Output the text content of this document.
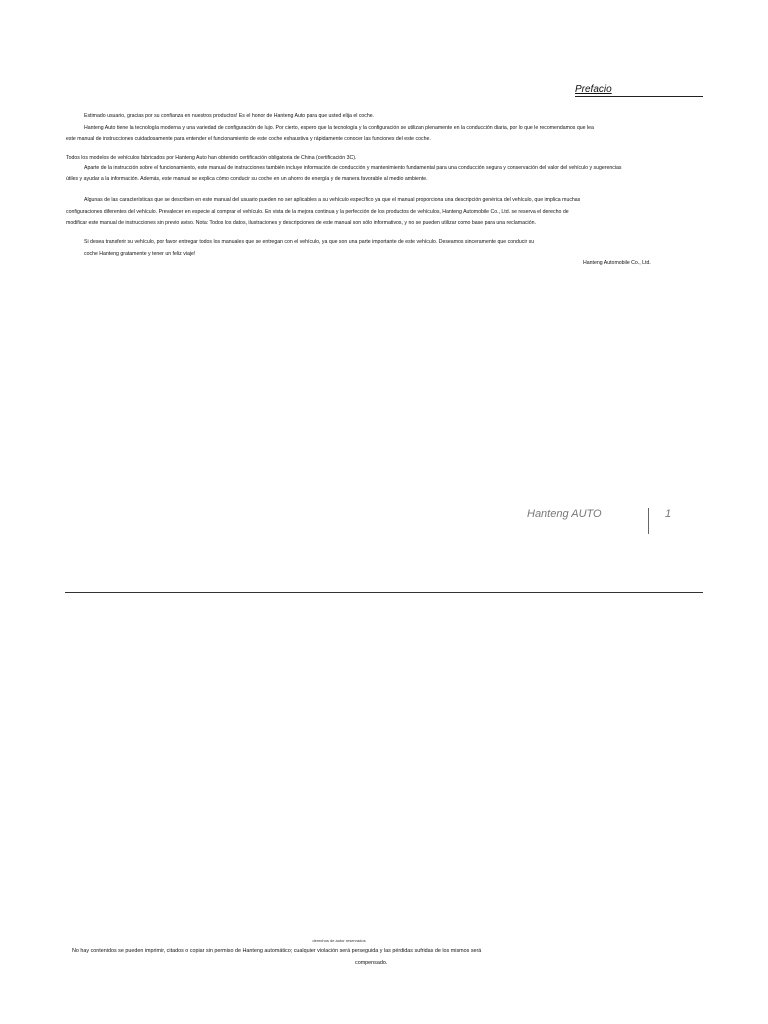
Prefacio

Estimado usuario, gracias por su confianza en nuestros productos! Es el honor de Hanteng Auto para que usted elija el coche.

Hanteng Auto tiene la tecnología moderna y una variedad de configuración de lujo. Por cierto, espero que la tecnología y la configuración se utilizan plenamente en la conducción diaria, por lo que le recomendamos que lea

este manual de instrucciones cuidadosamente para entender el funcionamiento de este coche exhaustiva y rápidamente conocer las funciones del este coche.

Todos los modelos de vehículos fabricados por Hanteng Auto han obtenido certificación obligatoria de China (certificación 3C).

Aparte de la instrucción sobre el funcionamiento, este manual de instrucciones también incluye información de conducción y mantenimiento fundamental para una conducción segura y conservación del valor del vehículo y sugerencias

útiles y ayudar a la información. Además, este manual se explica cómo conducir su coche en un ahorro de energía y de manera favorable al medio ambiente.

Algunas de las características que se describen en este manual del usuario pueden no ser aplicables a su vehículo específico ya que el manual proporciona una descripción genérica del vehículo, que implica muchas

configuraciones diferentes del vehículo. Prevalecer en especie al comprar el vehículo. En vista de la mejora continua y la perfección de los productos de vehículos, Hanteng Automobile Co., Ltd. se reserva el derecho de

modificar este manual de instrucciones sin previo aviso. Nota: Todos los datos, ilustraciones y descripciones de este manual son sólo informativos, y no se pueden utilizar como base para una reclamación.

Si desea transferir su vehículo, por favor entregar todos los manuales que se entregan con el vehículo, ya que son una parte importante de este vehículo. Deseamos sinceramente que conducir su

coche Hanteng gratamente y tener un feliz viaje!

Hanteng Automobile Co., Ltd.
Hanteng AUTO	1
derechos de autor reservados
No hay contenidos se pueden imprimir, citados o copiar sin permiso de Hanteng automático; cualquier violación será perseguida y las pérdidas sufridas de los mismos será
compensado.
